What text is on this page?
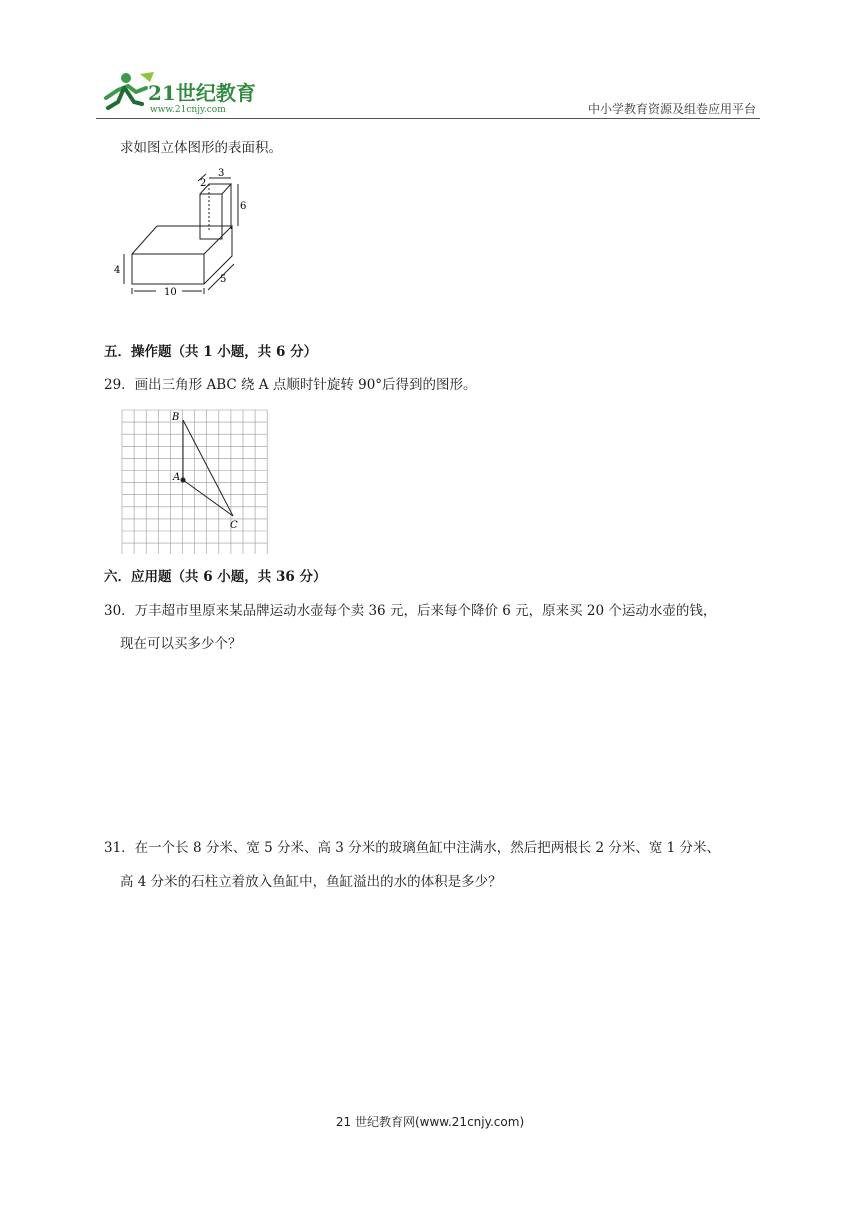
21世纪教育
www.21cnjy.com	中小学教育资源及组卷应用平台
求如图立体图形的表面积。
10
4
5
6
3
2
五．操作题（共 1 小题，共 6 分）
29．画出三角形 ABC 绕 A 点顺时针旋转 90°后得到的图形。
B
A
C
六．应用题（共 6 小题，共 36 分）
30．万丰超市里原来某品牌运动水壶每个卖 36 元，后来每个降价 6 元，原来买 20 个运动水壶的钱，
现在可以买多少个？
31．在一个长 8 分米、宽 5 分米、高 3 分米的玻璃鱼缸中注满水，然后把两根长 2 分米、宽 1 分米、
高 4 分米的石柱立着放入鱼缸中，鱼缸溢出的水的体积是多少？
21 世纪教育网(www.21cnjy.com)
